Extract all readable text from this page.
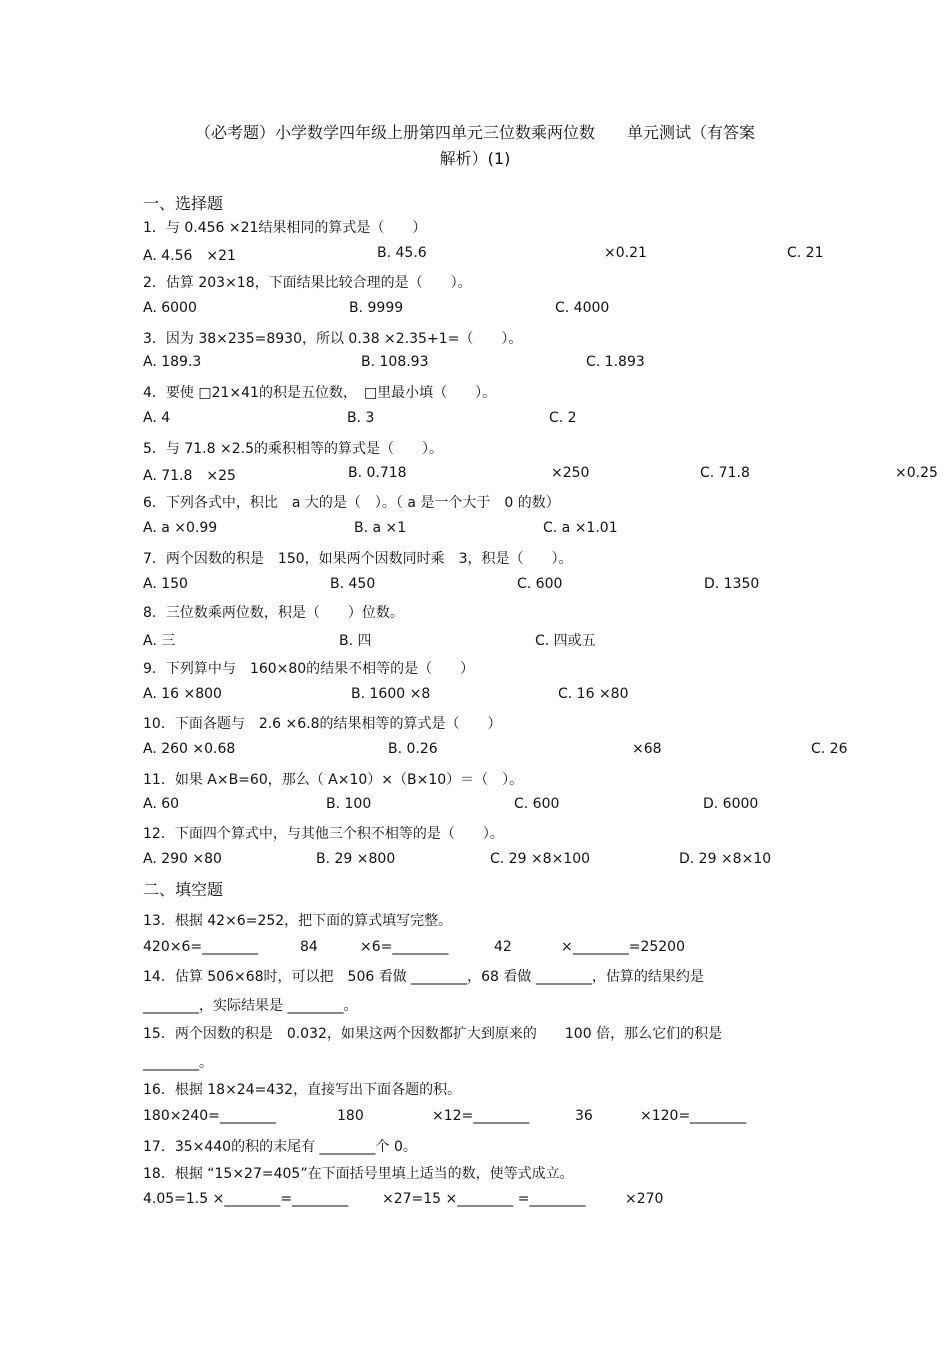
（必考题）小学数学四年级上册第四单元三位数乘两位数　　单元测试（有答案
解析）(1)
一、选择题
1．与 0.456 ×21结果相同的算式是（　　）
A. 4.56　×21	B. 45.6	×0.21	C. 21
2．估算 203×18，下面结果比较合理的是（　　）。
A. 6000	B. 9999	C. 4000
3．因为 38×235=8930，所以 0.38 ×2.35+1=（　　）。
A. 189.3	B. 108.93	C. 1.893
4．要使 □21×41的积是五位数，　□里最小填（　　）。
A. 4	B. 3	C. 2
5．与 71.8 ×2.5的乘积相等的算式是（　　）。
A. 71.8　×25	B. 0.718	×250	C. 71.8	×0.25
6．下列各式中，积比　a 大的是（　）。（ a 是一个大于　0 的数）
A. a ×0.99	B. a ×1	C. a ×1.01
7．两个因数的积是　150，如果两个因数同时乘　3，积是（　　）。
A. 150	B. 450	C. 600	D. 1350
8．三位数乘两位数，积是（　　）位数。
A. 三	B. 四	C. 四或五
9．下列算中与　160×80的结果不相等的是（　　）
A. 16 ×800	B. 1600 ×8	C. 16 ×80
10．下面各题与　2.6 ×6.8的结果相等的算式是（　　）
A. 260 ×0.68	B. 0.26	×68	C. 26
11．如果 A×B=60，那么（ A×10）×（B×10）＝（　）。
A. 60	B. 100	C. 600	D. 6000
12．下面四个算式中，与其他三个积不相等的是（　　）。
A. 290 ×80	B. 29 ×800	C. 29 ×8×100	D. 29 ×8×10
二、填空题
13．根据 42×6=252，把下面的算式填写完整。
420×6=________	84	×6=________	42	×________=25200
14．估算 506×68时，可以把　506 看做 ________，68 看做 ________，估算的结果约是
________，实际结果是 ________。
15．两个因数的积是　0.032，如果这两个因数都扩大到原来的　　100 倍，那么它们的积是
________。
16．根据 18×24=432，直接写出下面各题的积。
180×240=________	180	×12=________	36	×120=________
17．35×440的积的末尾有 ________个 0。
18．根据 “15×27=405”在下面括号里填上适当的数，使等式成立。
4.05=1.5 ×________=________ ×27=15 ×________ =________	×270
